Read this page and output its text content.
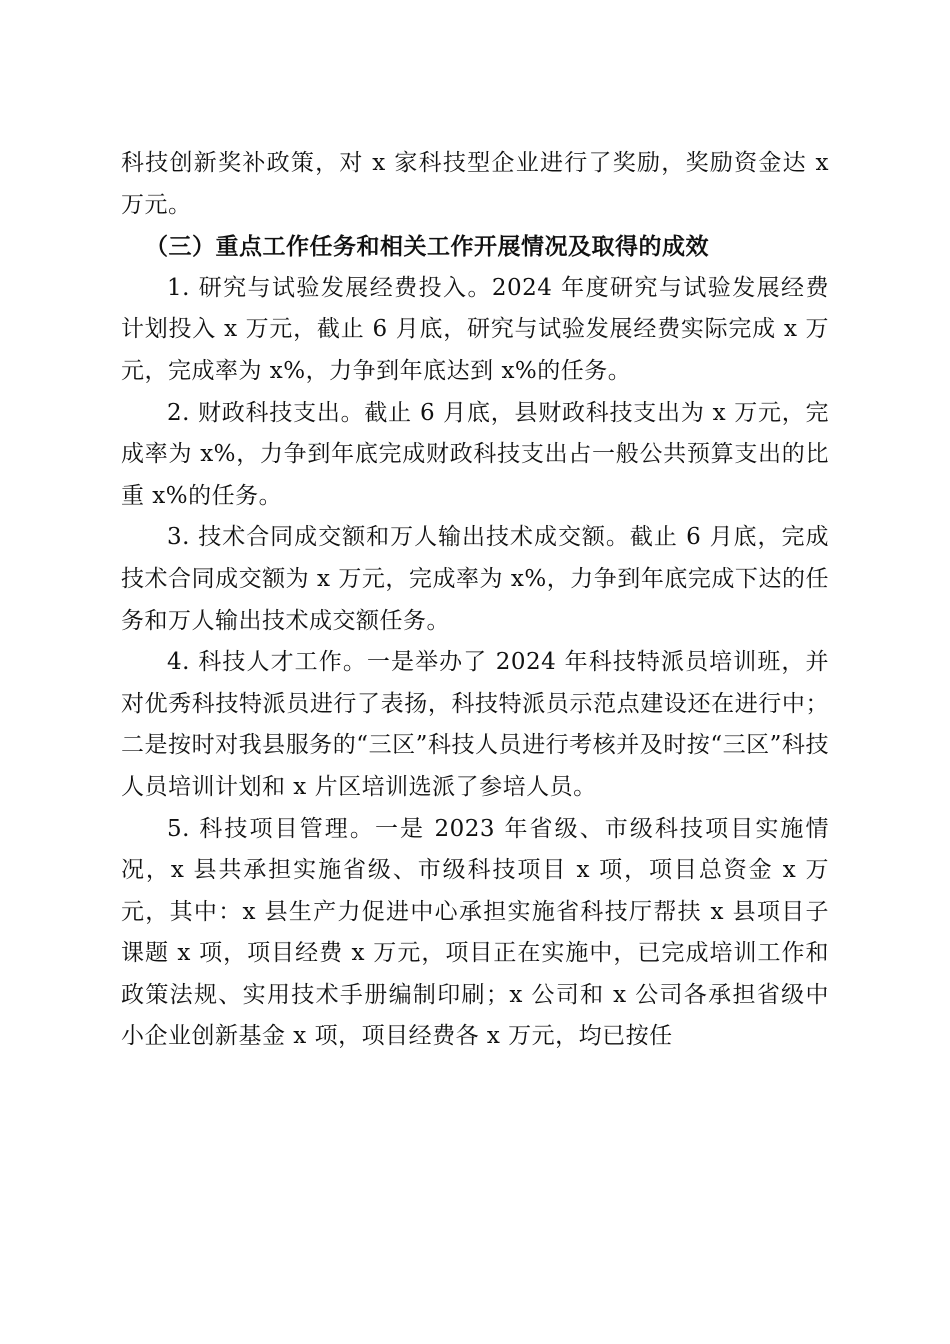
科技创新奖补政策，对 x 家科技型企业进行了奖励，奖励资金达 x 万元。

（三）重点工作任务和相关工作开展情况及取得的成效

1. 研究与试验发展经费投入。2024 年度研究与试验发展经费计划投入 x 万元，截止 6 月底，研究与试验发展经费实际完成 x 万元，完成率为 x%，力争到年底达到 x%的任务。

2. 财政科技支出。截止 6 月底，县财政科技支出为 x 万元，完成率为 x%，力争到年底完成财政科技支出占一般公共预算支出的比重 x%的任务。

3. 技术合同成交额和万人输出技术成交额。截止 6 月底，完成技术合同成交额为 x 万元，完成率为 x%，力争到年底完成下达的任务和万人输出技术成交额任务。

4. 科技人才工作。一是举办了 2024 年科技特派员培训班，并对优秀科技特派员进行了表扬，科技特派员示范点建设还在进行中；二是按时对我县服务的“三区”科技人员进行考核并及时按“三区”科技人员培训计划和 x 片区培训选派了参培人员。

5. 科技项目管理。一是 2023 年省级、市级科技项目实施情况，x 县共承担实施省级、市级科技项目 x 项，项目总资金 x 万元，其中：x 县生产力促进中心承担实施省科技厅帮扶 x 县项目子课题 x 项，项目经费 x 万元，项目正在实施中，已完成培训工作和政策法规、实用技术手册编制印刷；x 公司和 x 公司各承担省级中小企业创新基金 x 项，项目经费各 x 万元，均已按任
